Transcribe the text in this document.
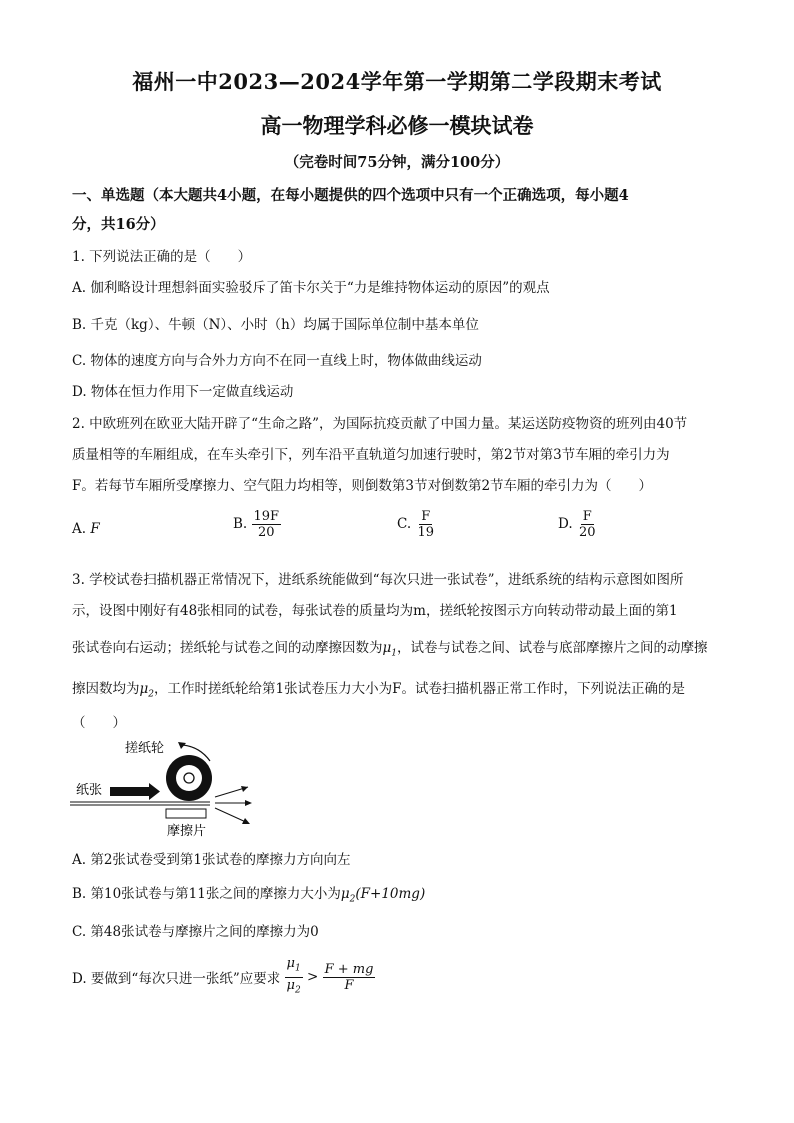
福州一中2023—2024学年第一学期第二学段期末考试
高一物理学科必修一模块试卷
（完卷时间75分钟，满分100分）
一、单选题（本大题共4小题，在每小题提供的四个选项中只有一个正确选项，每小题4
分，共16分）
1. 下列说法正确的是（　　）
A. 伽利略设计理想斜面实验驳斥了笛卡尔关于“力是维持物体运动的原因”的观点
B. 千克（kg）、牛顿（N）、小时（h）均属于国际单位制中基本单位
C. 物体的速度方向与合外力方向不在同一直线上时，物体做曲线运动
D. 物体在恒力作用下一定做直线运动
2. 中欧班列在欧亚大陆开辟了“生命之路”，为国际抗疫贡献了中国力量。某运送防疫物资的班列由40节
质量相等的车厢组成，在车头牵引下，列车沿平直轨道匀加速行驶时，第2节对第3节车厢的牵引力为
F。若每节车厢所受摩擦力、空气阻力均相等，则倒数第3节对倒数第2节车厢的牵引力为（　　）
A. F	B. $\frac{19F}{20}$	C. $\frac{F}{19}$	D. $\frac{F}{20}$
3. 学校试卷扫描机器正常情况下，进纸系统能做到“每次只进一张试卷”，进纸系统的结构示意图如图所
示，设图中刚好有48张相同的试卷，每张试卷的质量均为m，搓纸轮按图示方向转动带动最上面的第1
张试卷向右运动；搓纸轮与试卷之间的动摩擦因数为$\mu_1$，试卷与试卷之间、试卷与底部摩擦片之间的动摩擦
擦因数均为$\mu_2$，工作时搓纸轮给第1张试卷压力大小为F。试卷扫描机器正常工作时，下列说法正确的是
（　　）
搓纸轮
纸张
摩擦片
A. 第2张试卷受到第1张试卷的摩擦力方向向左
B. 第10张试卷与第11张之间的摩擦力大小为$\mu_2(F+10mg)$
C. 第48张试卷与摩擦片之间的摩擦力为0
D. 要做到“每次只进一张纸”应要求 $\frac{\mu_1}{\mu_2} > \frac{F + mg}{F}$
